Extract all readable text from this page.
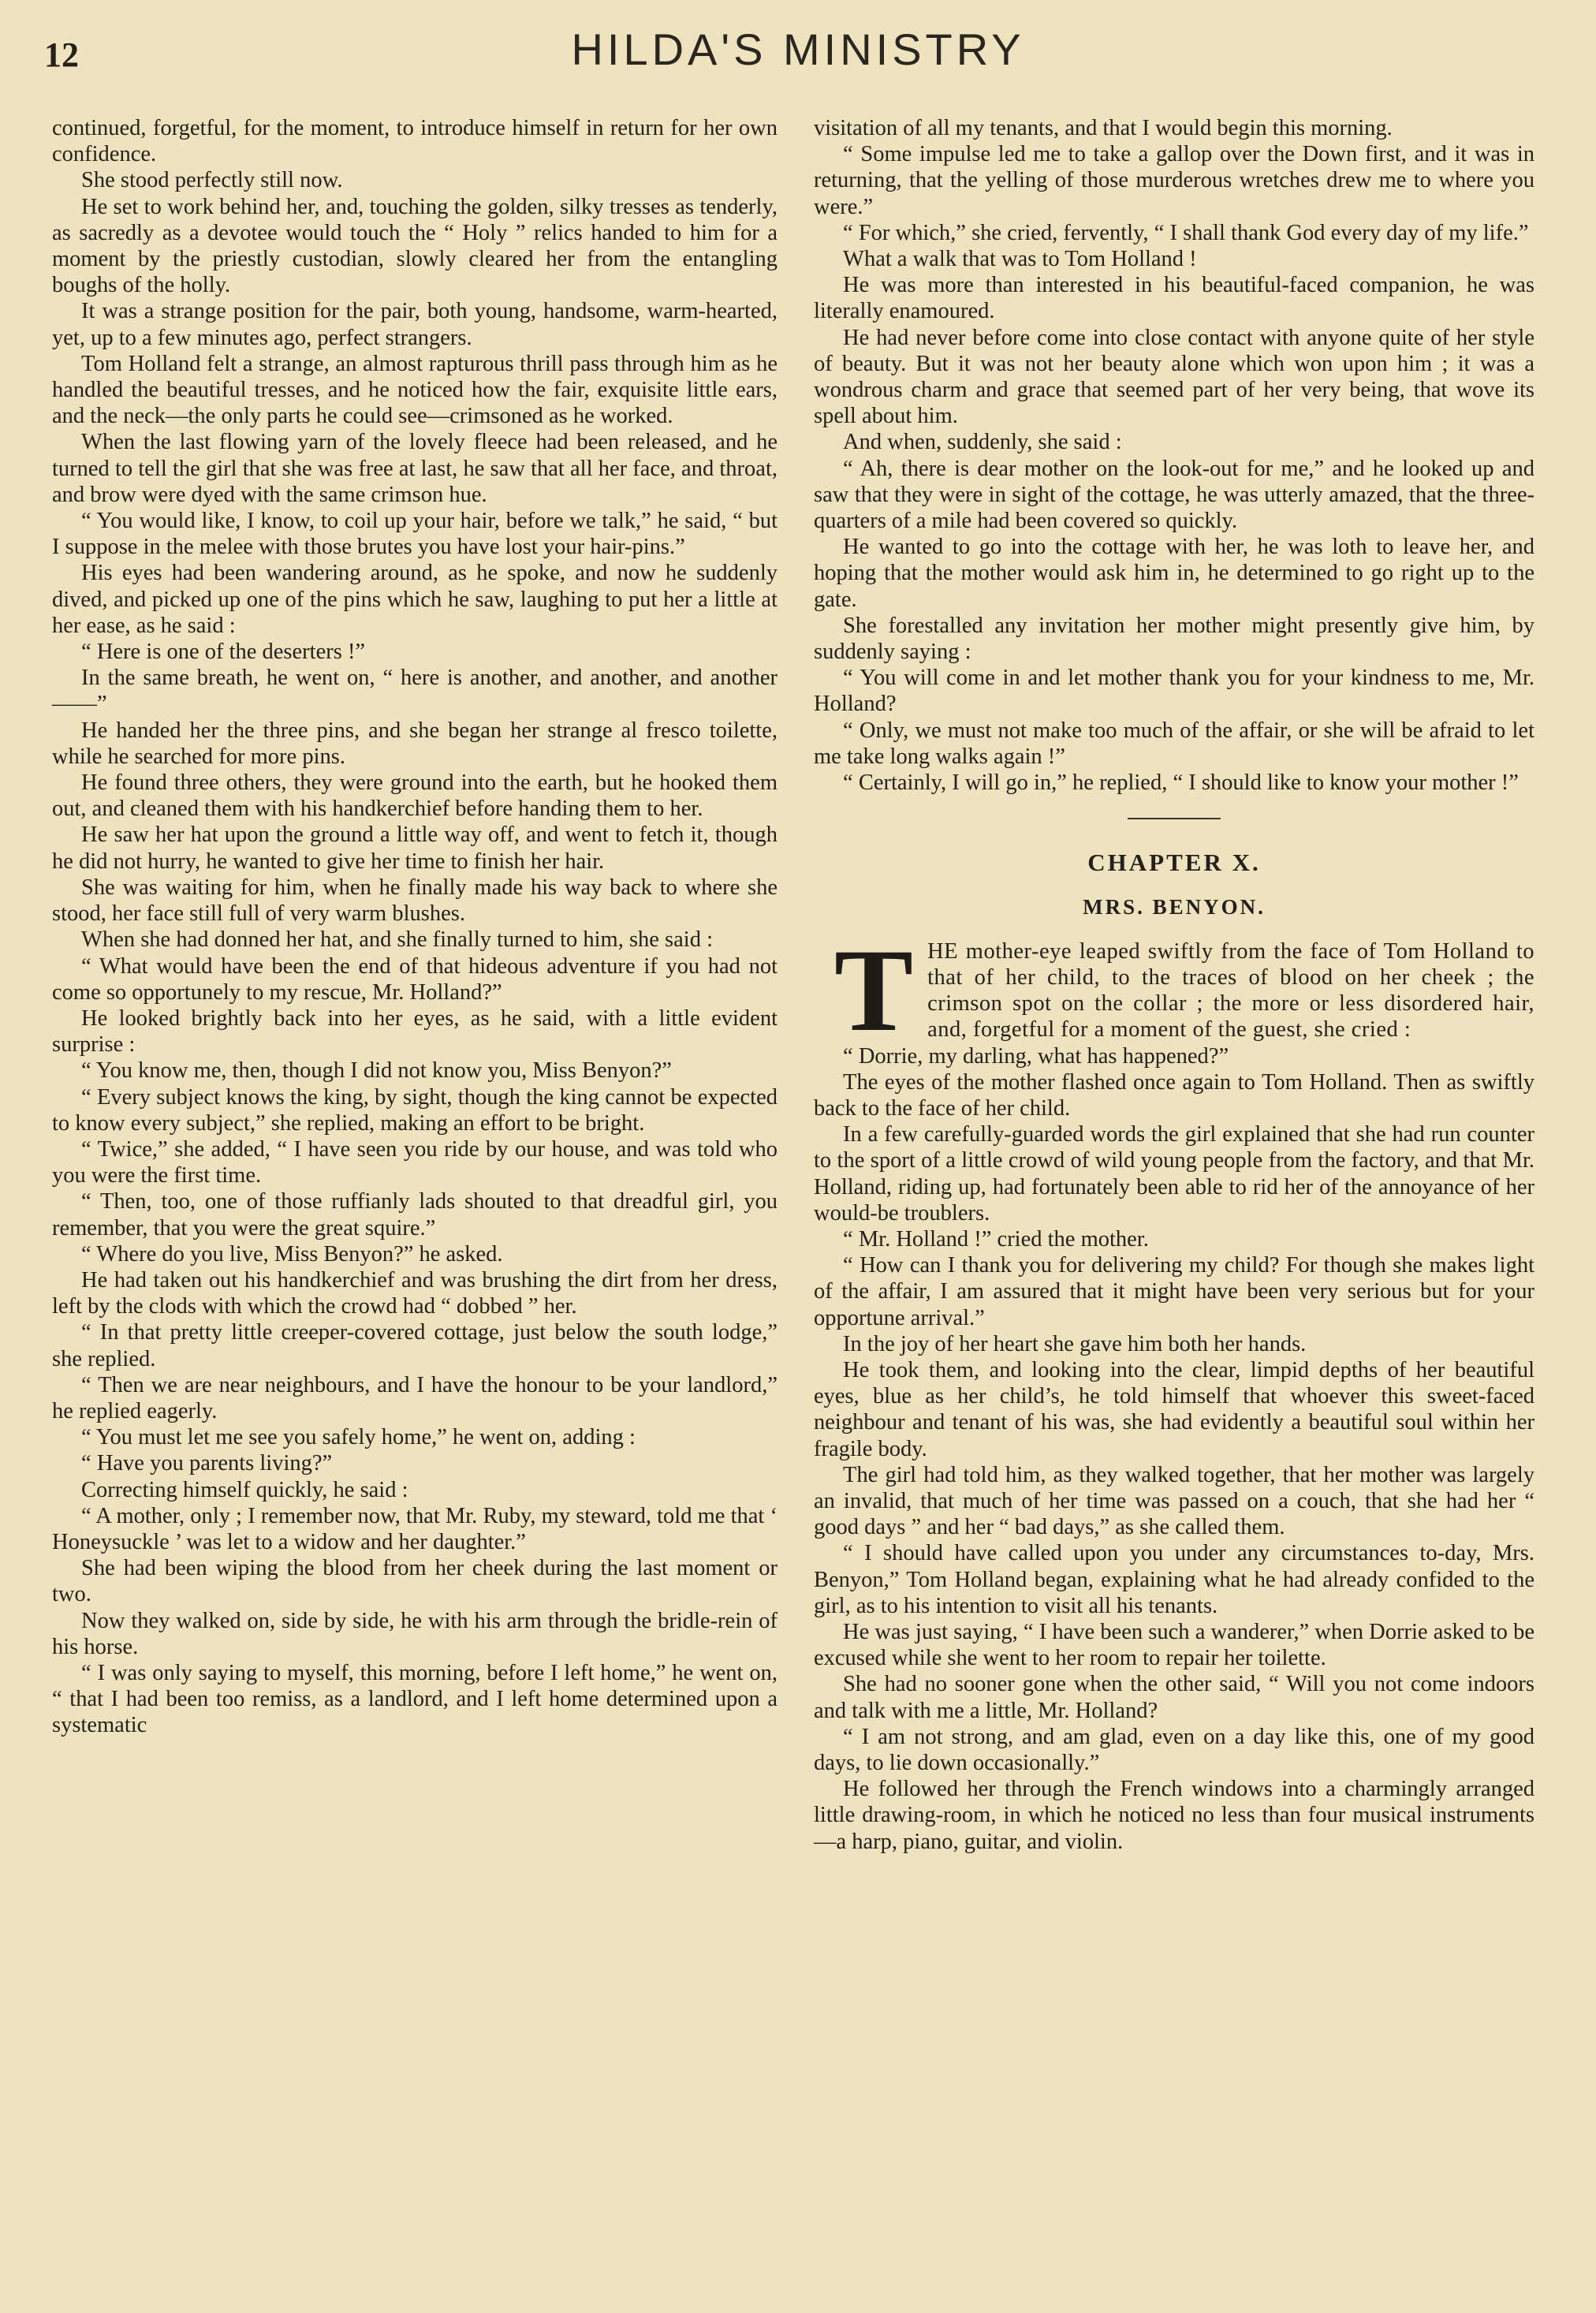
12	HILDA'S MINISTRY

continued, forgetful, for the moment, to introduce himself in return for her own confidence.

She stood perfectly still now.

He set to work behind her, and, touching the golden, silky tresses as tenderly, as sacredly as a devotee would touch the “ Holy ” relics handed to him for a moment by the priestly custodian, slowly cleared her from the entangling boughs of the holly.

It was a strange position for the pair, both young, handsome, warm-hearted, yet, up to a few minutes ago, perfect strangers.

Tom Holland felt a strange, an almost rapturous thrill pass through him as he handled the beautiful tresses, and he noticed how the fair, exquisite little ears, and the neck—the only parts he could see—crimsoned as he worked.

When the last flowing yarn of the lovely fleece had been released, and he turned to tell the girl that she was free at last, he saw that all her face, and throat, and brow were dyed with the same crimson hue.

“ You would like, I know, to coil up your hair, before we talk,” he said, “ but I suppose in the melee with those brutes you have lost your hair-pins.”

His eyes had been wandering around, as he spoke, and now he suddenly dived, and picked up one of the pins which he saw, laughing to put her a little at her ease, as he said :

“ Here is one of the deserters !”

In the same breath, he went on, “ here is another, and another, and another——”

He handed her the three pins, and she began her strange al fresco toilette, while he searched for more pins.

He found three others, they were ground into the earth, but he hooked them out, and cleaned them with his handkerchief before handing them to her.

He saw her hat upon the ground a little way off, and went to fetch it, though he did not hurry, he wanted to give her time to finish her hair.

She was waiting for him, when he finally made his way back to where she stood, her face still full of very warm blushes.

When she had donned her hat, and she finally turned to him, she said :

“ What would have been the end of that hideous adventure if you had not come so opportunely to my rescue, Mr. Holland?”

He looked brightly back into her eyes, as he said, with a little evident surprise :

“ You know me, then, though I did not know you, Miss Benyon?”

“ Every subject knows the king, by sight, though the king cannot be expected to know every subject,” she replied, making an effort to be bright.

“ Twice,” she added, “ I have seen you ride by our house, and was told who you were the first time.

“ Then, too, one of those ruffianly lads shouted to that dreadful girl, you remember, that you were the great squire.”

“ Where do you live, Miss Benyon?” he asked.

He had taken out his handkerchief and was brushing the dirt from her dress, left by the clods with which the crowd had “ dobbed ” her.

“ In that pretty little creeper-covered cottage, just below the south lodge,” she replied.

“ Then we are near neighbours, and I have the honour to be your landlord,” he replied eagerly.

“ You must let me see you safely home,” he went on, adding :

“ Have you parents living?”

Correcting himself quickly, he said :

“ A mother, only ; I remember now, that Mr. Ruby, my steward, told me that ‘ Honeysuckle ’ was let to a widow and her daughter.”

She had been wiping the blood from her cheek during the last moment or two.

Now they walked on, side by side, he with his arm through the bridle-rein of his horse.

“ I was only saying to myself, this morning, before I left home,” he went on, “ that I had been too remiss, as a landlord, and I left home determined upon a systematic

visitation of all my tenants, and that I would begin this morning.

“ Some impulse led me to take a gallop over the Down first, and it was in returning, that the yelling of those murderous wretches drew me to where you were.”

“ For which,” she cried, fervently, “ I shall thank God every day of my life.”

What a walk that was to Tom Holland !

He was more than interested in his beautiful-faced companion, he was literally enamoured.

He had never before come into close contact with anyone quite of her style of beauty. But it was not her beauty alone which won upon him ; it was a wondrous charm and grace that seemed part of her very being, that wove its spell about him.

And when, suddenly, she said :

“ Ah, there is dear mother on the look-out for me,” and he looked up and saw that they were in sight of the cottage, he was utterly amazed, that the three-quarters of a mile had been covered so quickly.

He wanted to go into the cottage with her, he was loth to leave her, and hoping that the mother would ask him in, he determined to go right up to the gate.

She forestalled any invitation her mother might presently give him, by suddenly saying :

“ You will come in and let mother thank you for your kindness to me, Mr. Holland?

“ Only, we must not make too much of the affair, or she will be afraid to let me take long walks again !”

“ Certainly, I will go in,” he replied, “ I should like to know your mother !”

CHAPTER X.
MRS. BENYON.

THE mother-eye leaped swiftly from the face of Tom Holland to that of her child, to the traces of blood on her cheek ; the crimson spot on the collar ; the more or less disordered hair, and, forgetful for a moment of the guest, she cried :

“ Dorrie, my darling, what has happened?”

The eyes of the mother flashed once again to Tom Holland. Then as swiftly back to the face of her child.

In a few carefully-guarded words the girl explained that she had run counter to the sport of a little crowd of wild young people from the factory, and that Mr. Holland, riding up, had fortunately been able to rid her of the annoyance of her would-be troublers.

“ Mr. Holland !” cried the mother.

“ How can I thank you for delivering my child? For though she makes light of the affair, I am assured that it might have been very serious but for your opportune arrival.”

In the joy of her heart she gave him both her hands.

He took them, and looking into the clear, limpid depths of her beautiful eyes, blue as her child’s, he told himself that whoever this sweet-faced neighbour and tenant of his was, she had evidently a beautiful soul within her fragile body.

The girl had told him, as they walked together, that her mother was largely an invalid, that much of her time was passed on a couch, that she had her “ good days ” and her “ bad days,” as she called them.

“ I should have called upon you under any circumstances to-day, Mrs. Benyon,” Tom Holland began, explaining what he had already confided to the girl, as to his intention to visit all his tenants.

He was just saying, “ I have been such a wanderer,” when Dorrie asked to be excused while she went to her room to repair her toilette.

She had no sooner gone when the other said, “ Will you not come indoors and talk with me a little, Mr. Holland?

“ I am not strong, and am glad, even on a day like this, one of my good days, to lie down occasionally.”

He followed her through the French windows into a charmingly arranged little drawing-room, in which he noticed no less than four musical instruments—a harp, piano, guitar, and violin.
